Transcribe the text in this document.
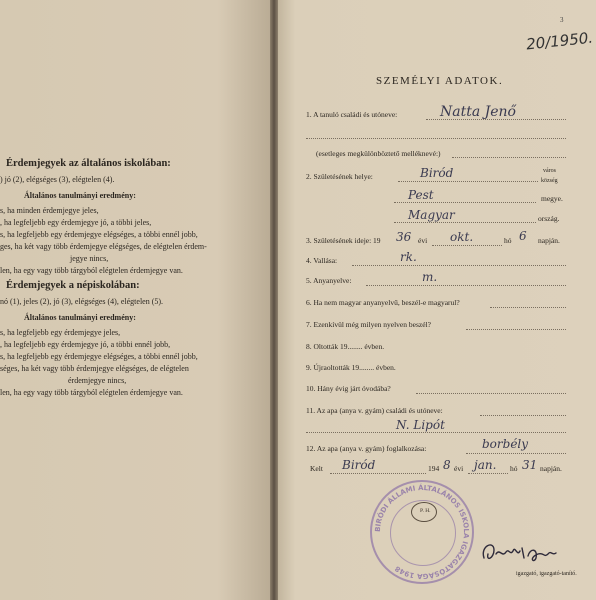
Érdemjegyek az általános iskolában:
) jó (2), elégséges (3), elégtelen (4).
Általános tanulmányi eredmény:
s, ha minden érdemjegye jeles,
, ha legfeljebb egy érdemjegye jó, a többi jeles,
s, ha legfeljebb egy érdemjegye elégséges, a többi ennél jobb,
ges, ha két vagy több érdemjegye elégséges, de elégtelen érdem-
jegye nincs,
len, ha egy vagy több tárgyból elégtelen érdemjegye van.
Érdemjegyek a népiskolában:
nó (1), jeles (2), jó (3), elégséges (4), elégtelen (5).
Általános tanulmányi eredmény:
s, ha legfeljebb egy érdemjegye jeles,
, ha legfeljebb egy érdemjegye jó, a többi ennél jobb,
s, ha legfeljebb egy érdemjegye elégséges, a többi ennél jobb,
séges, ha két vagy több érdemjegye elégséges, de elégtelen
érdemjegye nincs,
len, ha egy vagy több tárgyból elégtelen érdemjegye van.
3
20/1950.
SZEMÉLYI ADATOK.
1. A tanuló családi és utóneve:	Natta Jenő
(esetleges megkülönböztető melléknevé:)
2. Születésének helye:	Biród	város
község
Pest	megye.
Magyar	ország.
3. Születésének ideje: 19 36 évi okt.	hó 6 napján.
4. Vallása:	rk.
5. Anyanyelve:	m.
6. Ha nem magyar anyanyelvű, beszél-e magyarul?
7. Ezenkívül még milyen nyelven beszél?
8. Oltották 19........ évben.
9. Újraoltották 19........ évben.
10. Hány évig járt óvodába?
11. Az apa (anya v. gyám) családi és utóneve:
N. Lipót
12. Az apa (anya v. gyám) foglalkozása:	borbély
Kelt Biród	194 8 évi jan. hó 31 napján.
BIRÓDI ÁLLAMI ÁLTALÁNOS ISKOLA IGAZGATÓSÁGA 1948
P. H.
igazgató, igazgató-tanító.
